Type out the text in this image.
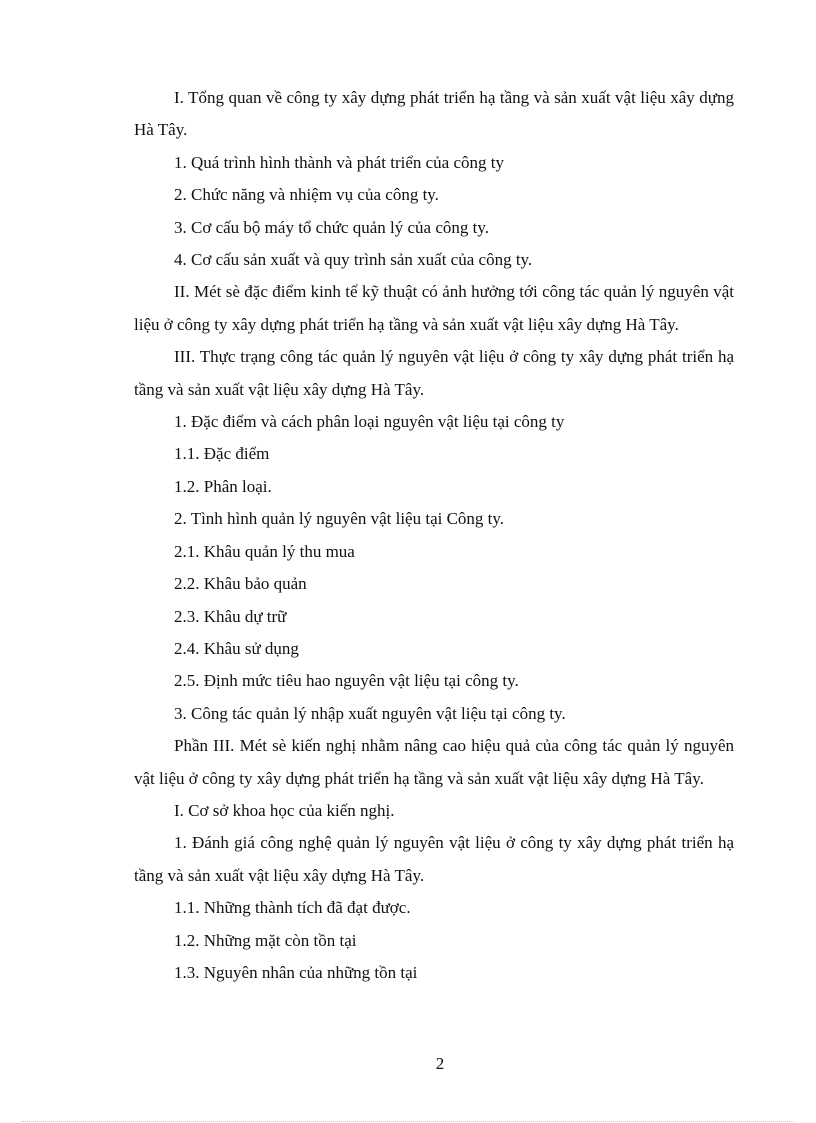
I. Tổng quan về công ty xây dựng phát triển hạ tầng và sản xuất vật liệu xây dựng Hà Tây.

1. Quá trình hình thành và phát triển của công ty

2. Chức năng và nhiệm vụ của công ty.

3. Cơ cấu bộ máy tổ chức quản lý của công ty.

4. Cơ cấu sản xuất và quy trình sản xuất của công ty.

II. Mét sè đặc điểm kinh tế kỹ thuật có ảnh hưởng tới công tác quản lý nguyên vật liệu ở công ty xây dựng phát triển hạ tầng và sản xuất vật liệu xây dựng Hà Tây.

III. Thực trạng công tác quản lý nguyên vật liệu ở công ty xây dựng phát triển hạ tầng và sản xuất vật liệu xây dựng Hà Tây.

1. Đặc điểm và cách phân loại nguyên vật liệu tại công ty

1.1. Đặc điểm

1.2. Phân loại.

2. Tình hình quản lý nguyên vật liệu tại Công ty.

2.1. Khâu quản lý thu mua

2.2. Khâu bảo quản

2.3. Khâu dự trữ

2.4. Khâu sử dụng

2.5. Định mức tiêu hao nguyên vật liệu tại công ty.

3. Công tác quản lý nhập xuất nguyên vật liệu tại công ty.

Phần III. Mét sè kiến nghị nhằm nâng cao hiệu quả của công tác quản lý nguyên vật liệu ở công ty xây dựng phát triển hạ tầng và sản xuất vật liệu xây dựng Hà Tây.

I. Cơ sở khoa học của kiến nghị.

1. Đánh giá công nghệ quản lý nguyên vật liệu ở công ty xây dựng phát triển hạ tầng và sản xuất vật liệu xây dựng Hà Tây.

1.1. Những thành tích đã đạt được.

1.2. Những mặt còn tồn tại

1.3. Nguyên nhân của những tồn tại

2
